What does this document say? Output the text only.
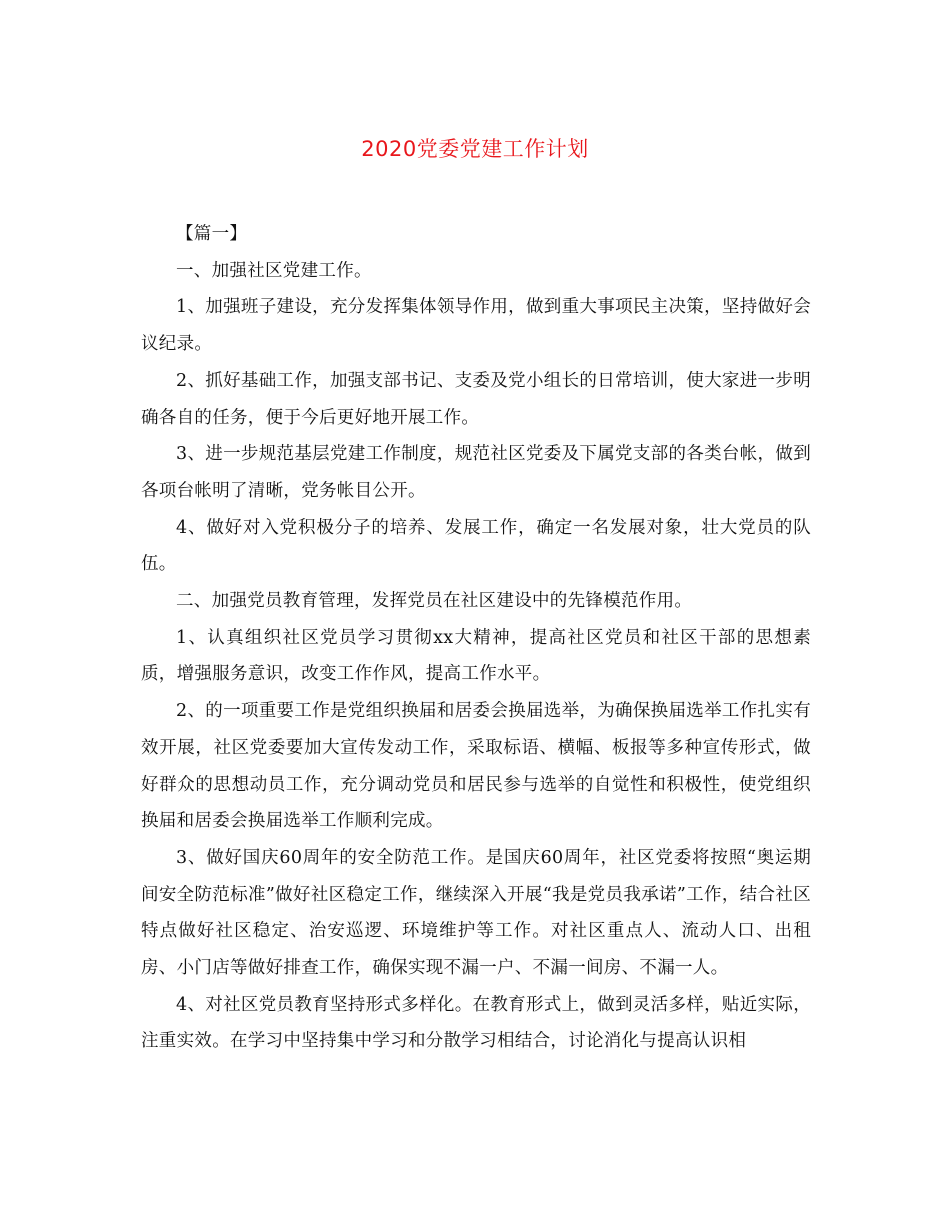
2020党委党建工作计划

【篇一】

一、加强社区党建工作。

1、加强班子建设，充分发挥集体领导作用，做到重大事项民主决策，坚持做好会议纪录。

2、抓好基础工作，加强支部书记、支委及党小组长的日常培训，使大家进一步明确各自的任务，便于今后更好地开展工作。

3、进一步规范基层党建工作制度，规范社区党委及下属党支部的各类台帐，做到各项台帐明了清晰，党务帐目公开。

4、做好对入党积极分子的培养、发展工作，确定一名发展对象，壮大党员的队伍。

二、加强党员教育管理，发挥党员在社区建设中的先锋模范作用。

1、认真组织社区党员学习贯彻xx大精神，提高社区党员和社区干部的思想素质，增强服务意识，改变工作作风，提高工作水平。

2、的一项重要工作是党组织换届和居委会换届选举，为确保换届选举工作扎实有效开展，社区党委要加大宣传发动工作，采取标语、横幅、板报等多种宣传形式，做好群众的思想动员工作，充分调动党员和居民参与选举的自觉性和积极性，使党组织换届和居委会换届选举工作顺利完成。

3、做好国庆60周年的安全防范工作。是国庆60周年，社区党委将按照“奥运期间安全防范标准”做好社区稳定工作，继续深入开展“我是党员我承诺”工作，结合社区特点做好社区稳定、治安巡逻、环境维护等工作。对社区重点人、流动人口、出租房、小门店等做好排查工作，确保实现不漏一户、不漏一间房、不漏一人。

4、对社区党员教育坚持形式多样化。在教育形式上，做到灵活多样，贴近实际，注重实效。在学习中坚持集中学习和分散学习相结合，讨论消化与提高认识相
